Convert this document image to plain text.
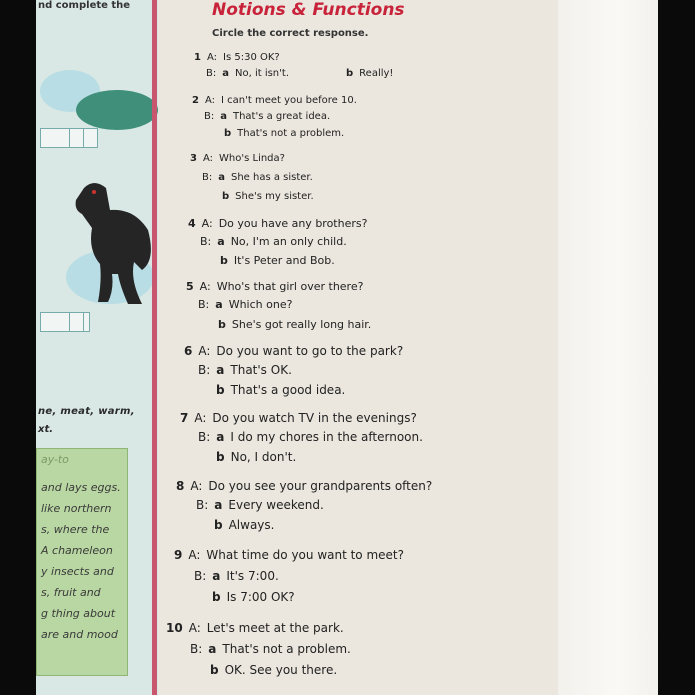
nd complete the
ne, meat, warm,
xt.
ay-to
and lays eggs.
like northern
s, where the
A chameleon
y insects and
s, fruit and
g thing about
are and mood
Notions & Functions
Circle the correct response.
1 A: Is 5:30 OK?
B: a No, it isn't.	b Really!
2 A: I can't meet you before 10.
B: a That's a great idea.
b That's not a problem.
3 A: Who's Linda?
B: a She has a sister.
b She's my sister.
4 A: Do you have any brothers?
B: a No, I'm an only child.
b It's Peter and Bob.
5 A: Who's that girl over there?
B: a Which one?
b She's got really long hair.
6 A: Do you want to go to the park?
B: a That's OK.
b That's a good idea.
7 A: Do you watch TV in the evenings?
B: a I do my chores in the afternoon.
b No, I don't.
8 A: Do you see your grandparents often?
B: a Every weekend.
b Always.
9 A: What time do you want to meet?
B: a It's 7:00.
b Is 7:00 OK?
10 A: Let's meet at the park.
B: a That's not a problem.
b OK. See you there.
